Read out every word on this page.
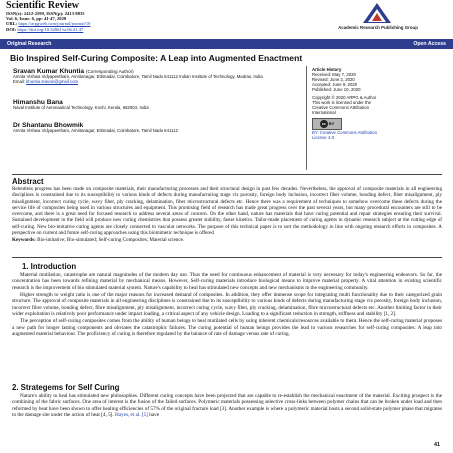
Scientific Review
ISSN(e): 2412-2599, ISSN(p): 2413-8835
Vol. 6, Issue. 6, pp: 41-47, 2020
URL: https://arpgweb.com/journal/journal/10
DOI: https://doi.org/10.32861/sr.66.41.47	Academic Research Publishing Group
Original Research	Open Access
Bio Inspired Self-Curing Composite: A Leap into Augmented Enactment
Sravan Kumar Khuntia (Corresponding Author)
Amrita Vishwa Vidyapeetham, Amritanagar, Ettimadai, Coimbatore, Tamil Nadu 641112 Indian Institute of Technology, Madras, India
Email: khuntia.sravan@gmail.com
Himanshu Bana
Naval Institute of Aeronautical Technology, Kochi, Kerala, 682004, India
Dr Shantanu Bhowmik
Amrita Vishwa Vidyapeetham, Amritanagar, Ettimadai, Coimbatore, Tamil Nadu 641112
Article History
Received: May 7, 2020
Revised: June 2, 2020
Accepted: June 9, 2020
Published: June 10, 2020
Copyright © 2020 ARPG & Author
This work is licensed under the Creative Commons Attribution International
cc BY
BY: Creative Commons Attribution License 4.0
Abstract

Relentless progress has been made on composite materials, their manufacturing processes and their structural design in past few decades. Nevertheless, the approval of composite materials in all engineering disciplines is constrained due to its susceptibility to various kinds of defects during manufacturing stage viz porosity, foreign body inclusion, incorrect fiber volume, bonding defect, fiber misalignment, ply misalignment, incorrect curing cycle, wavy fiber, ply cracking, delamination, fiber microstructural defects etc. Hence there was a requirement of techniques to somehow overcome these defects during the service life of composites being used in various structures and equipment. This promising field of research has made great progress over the past several years, but many procedural encounters are still to be overcome, and there is a great need for focused research to address several areas of concern. On the other hand, nature has materials that have curing potential and repair strategies ensuring their survival. Sustained development in the field will produce new curing chemistries that possess greater stability, faster kinetics. Tailor-made placement of curing agents in dynamic research subject at the cutting edge of self-curing. New bio-imitative curing agents are closely connected to vascular networks. The purpose of this technical paper is to sort the methodology in line with ongoing research efforts in composites. A perspective on current and future self-curing approaches using this biomimetic technique is offered

Keywords: Bio-imitative; Bio-simulated; Self-curing Composites; Material science.

1. Introduction

Material mutilation, catastrophe are natural magnitudes of the modern day use. Thus the need for continuous enhancement of material is very necessary for today's engineering endeavors. So far, the concentration has been towards refining material by mechanical means. However, Self-curing materials introduce biological means to improve material property. A vital attention in existing scientific research is the improvement of bio stimulated material system. Nature's capability to heal has stimulated new concepts and new mechanisms in the engineering community.

Higher strength to weight ratio is one of the major reasons for increased demand of composites. In addition, they offer immense scope for integrating multi functionality due to their categorized grain structure. The approval of composite materials in all engineering disciplines is constrained due to its susceptibility to various kinds of defects during manufacturing stage viz porosity, foreign body inclusion, incorrect fibre volume, bonding defect, fibre misalignment, ply misalignment, incorrect curing cycle, wavy fiber, ply cracking, delamination, fibre microstructural defects etc. Another limiting factor in their wider exploitation is relatively poor performance under impact loading, a critical aspect of any vehicle design. Loading to a significant reduction in strength, stiffness and stability [1, 2].

The perception of self-curing composites comes from the ability of human beings to heal mutilated cells by using inherent chemicals/resources available to them. Hence the self-curing material proposes a new path for longer lasting components and obviates the catastrophic failures. The curing potential of human beings provides the lead to various researches for self-curing composites: A leap into augmented material behaviour. The proficiency of curing is therefore regulated by the balance of rate of damage versus rate of curing.

2. Strategems for Self Curing

Nature's ability to heal has stimulated new philosophies. Different curing concepts have been projected that are capable to re-establish the mechanical enactment of the material. Exciting prospect is the combining of the fabric surfaces. One area of interest is the fusion of the failed surfaces. Polymeric materials possessing selective cross-links between polymer chains that can be broken under load and then reformed by heat have been shown to offer healing efficiencies of 57% of the original fracture load [3]. Another example is where a polymeric material hosts a second solid-state polymer phase that migrates to the damage site under the action of heat [4, 5]. Hayes, et al. [5] have

41
